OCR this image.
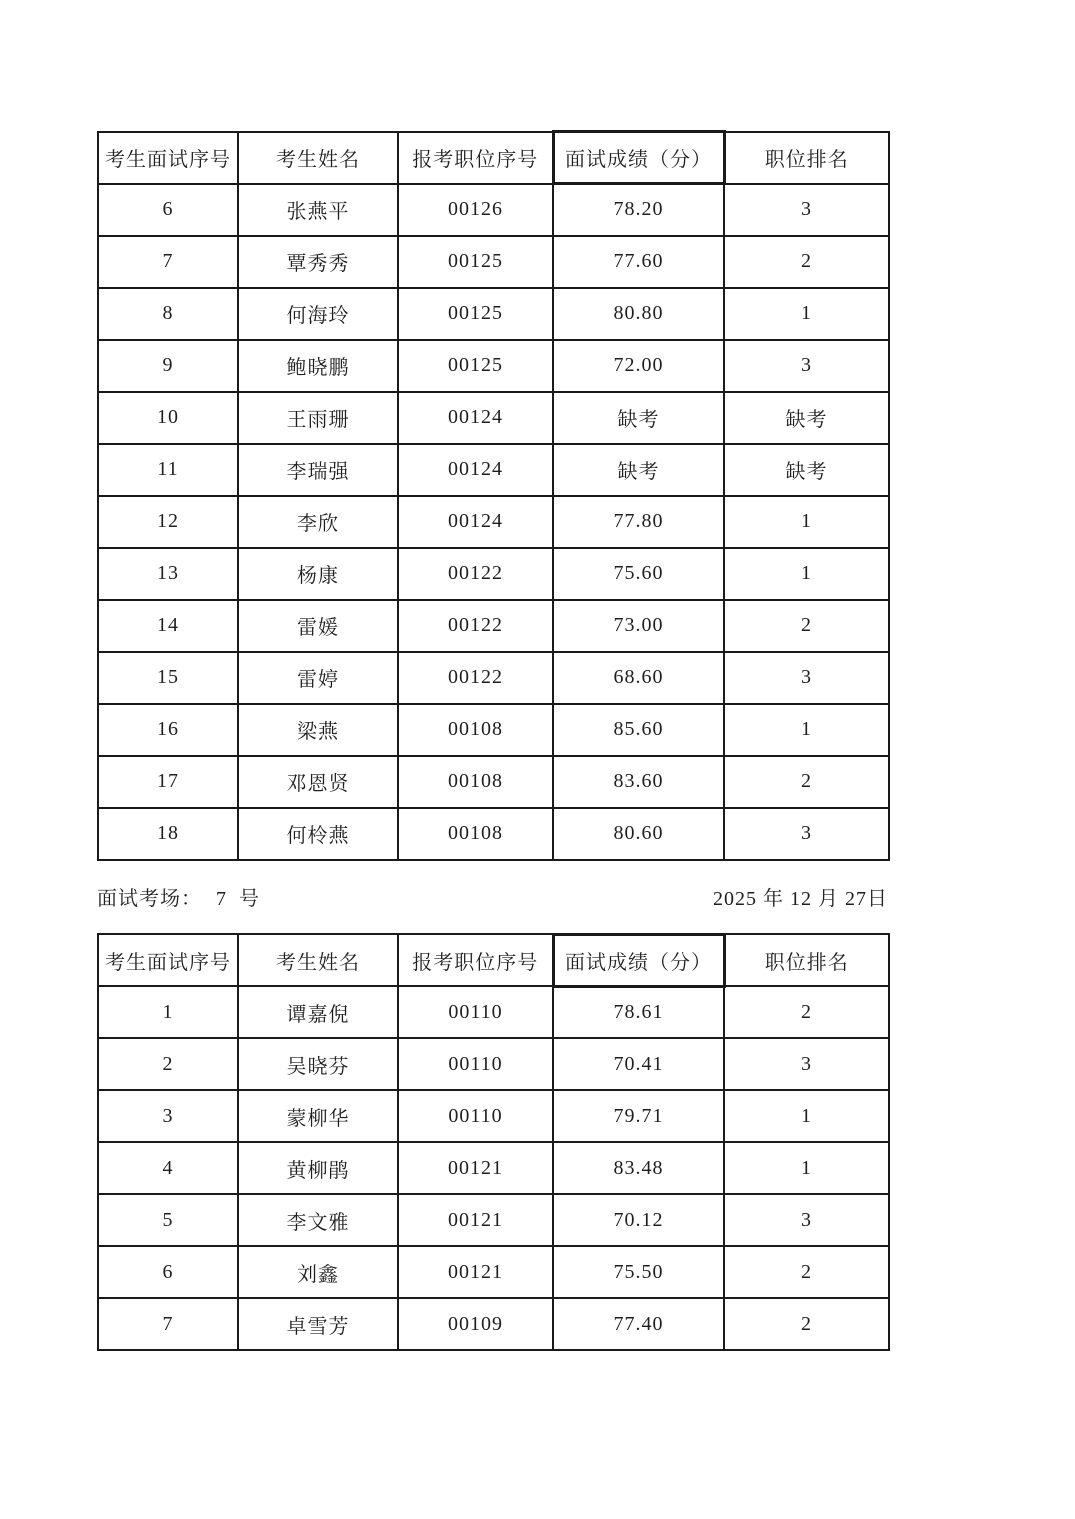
考生面试序号	考生姓名	报考职位序号	面试成绩（分）	职位排名
6	张燕平	00126	78.20	3
7	覃秀秀	00125	77.60	2
8	何海玲	00125	80.80	1
9	鲍晓鹏	00125	72.00	3
10	王雨珊	00124	缺考	缺考
11	李瑞强	00124	缺考	缺考
12	李欣	00124	77.80	1
13	杨康	00122	75.60	1
14	雷媛	00122	73.00	2
15	雷婷	00122	68.60	3
16	梁燕	00108	85.60	1
17	邓恩贤	00108	83.60	2
18	何柃燕	00108	80.60	3
面试考场： 7 号	2025 年 12 月 27日
考生面试序号	考生姓名	报考职位序号	面试成绩（分）	职位排名
1	谭嘉倪	00110	78.61	2
2	吴晓芬	00110	70.41	3
3	蒙柳华	00110	79.71	1
4	黄柳鹃	00121	83.48	1
5	李文雅	00121	70.12	3
6	刘鑫	00121	75.50	2
7	卓雪芳	00109	77.40	2
